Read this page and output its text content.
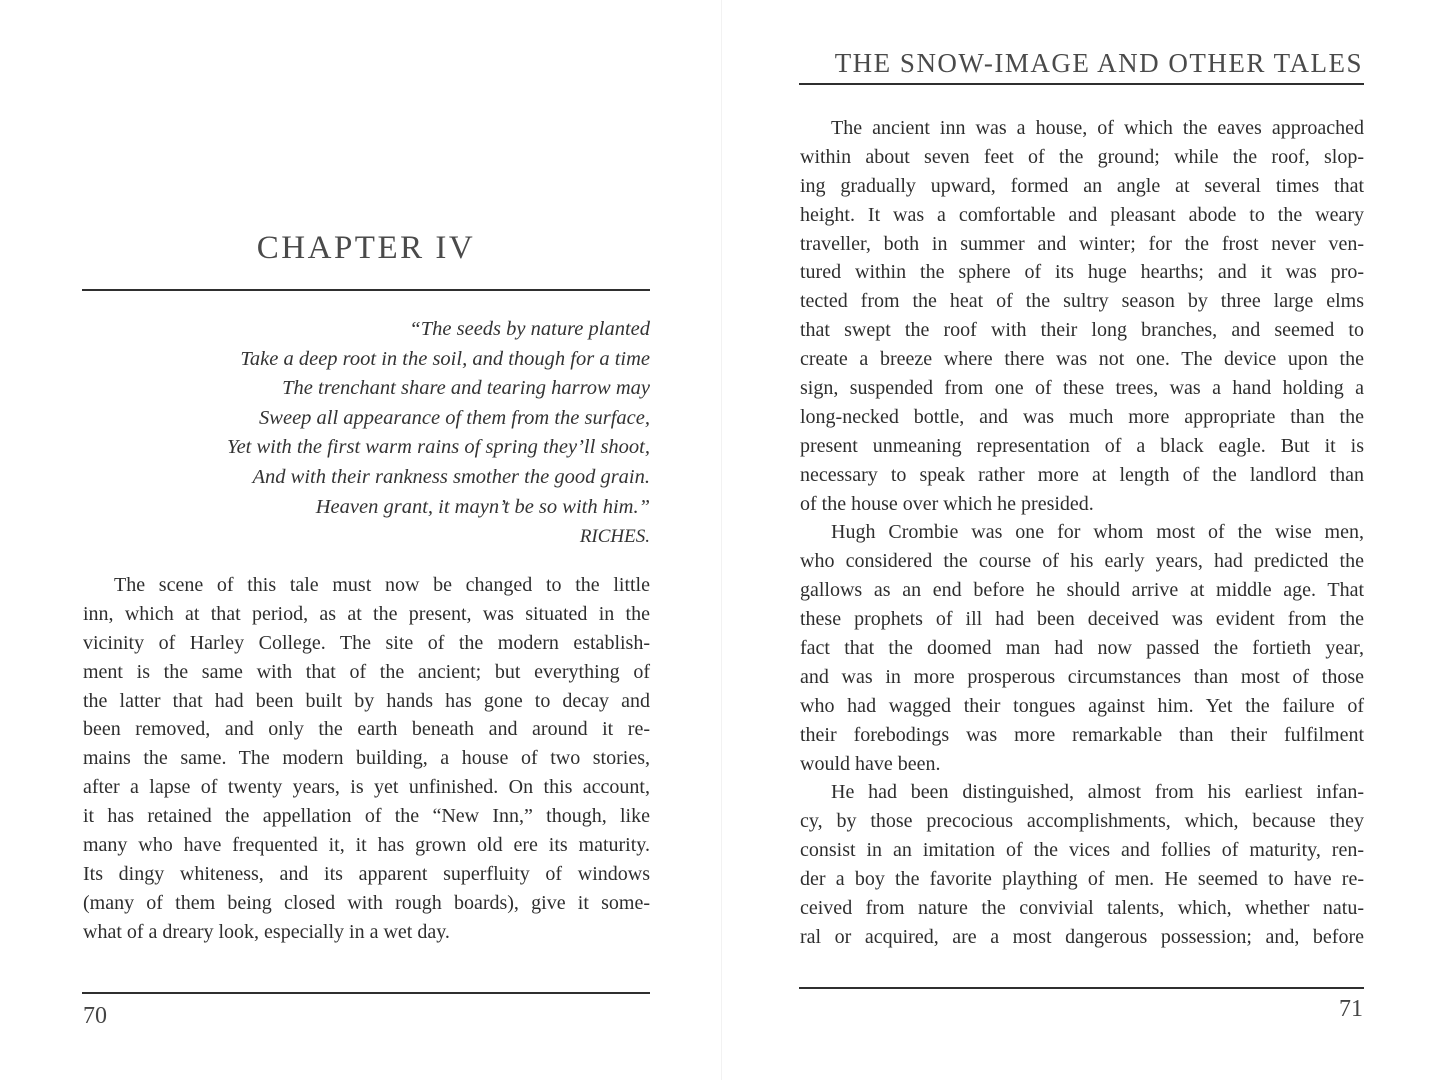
CHAPTER IV
“The seeds by nature planted
Take a deep root in the soil, and though for a time
The trenchant share and tearing harrow may
Sweep all appearance of them from the surface,
Yet with the first warm rains of spring they’ll shoot,
And with their rankness smother the good grain.
Heaven grant, it mayn’t be so with him.”
RICHES.
The scene of this tale must now be changed to the little
inn, which at that period, as at the present, was situated in the
vicinity of Harley College. The site of the modern establish-
ment is the same with that of the ancient; but everything of
the latter that had been built by hands has gone to decay and
been removed, and only the earth beneath and around it re-
mains the same. The modern building, a house of two stories,
after a lapse of twenty years, is yet unfinished. On this account,
it has retained the appellation of the “New Inn,” though, like
many who have frequented it, it has grown old ere its maturity.
Its dingy whiteness, and its apparent superfluity of windows
(many of them being closed with rough boards), give it some-
what of a dreary look, especially in a wet day.
70
THE SNOW-IMAGE AND OTHER TALES
The ancient inn was a house, of which the eaves approached
within about seven feet of the ground; while the roof, slop-
ing gradually upward, formed an angle at several times that
height. It was a comfortable and pleasant abode to the weary
traveller, both in summer and winter; for the frost never ven-
tured within the sphere of its huge hearths; and it was pro-
tected from the heat of the sultry season by three large elms
that swept the roof with their long branches, and seemed to
create a breeze where there was not one. The device upon the
sign, suspended from one of these trees, was a hand holding a
long-necked bottle, and was much more appropriate than the
present unmeaning representation of a black eagle. But it is
necessary to speak rather more at length of the landlord than
of the house over which he presided.
Hugh Crombie was one for whom most of the wise men,
who considered the course of his early years, had predicted the
gallows as an end before he should arrive at middle age. That
these prophets of ill had been deceived was evident from the
fact that the doomed man had now passed the fortieth year,
and was in more prosperous circumstances than most of those
who had wagged their tongues against him. Yet the failure of
their forebodings was more remarkable than their fulfilment
would have been.
He had been distinguished, almost from his earliest infan-
cy, by those precocious accomplishments, which, because they
consist in an imitation of the vices and follies of maturity, ren-
der a boy the favorite plaything of men. He seemed to have re-
ceived from nature the convivial talents, which, whether natu-
ral or acquired, are a most dangerous possession; and, before
71
